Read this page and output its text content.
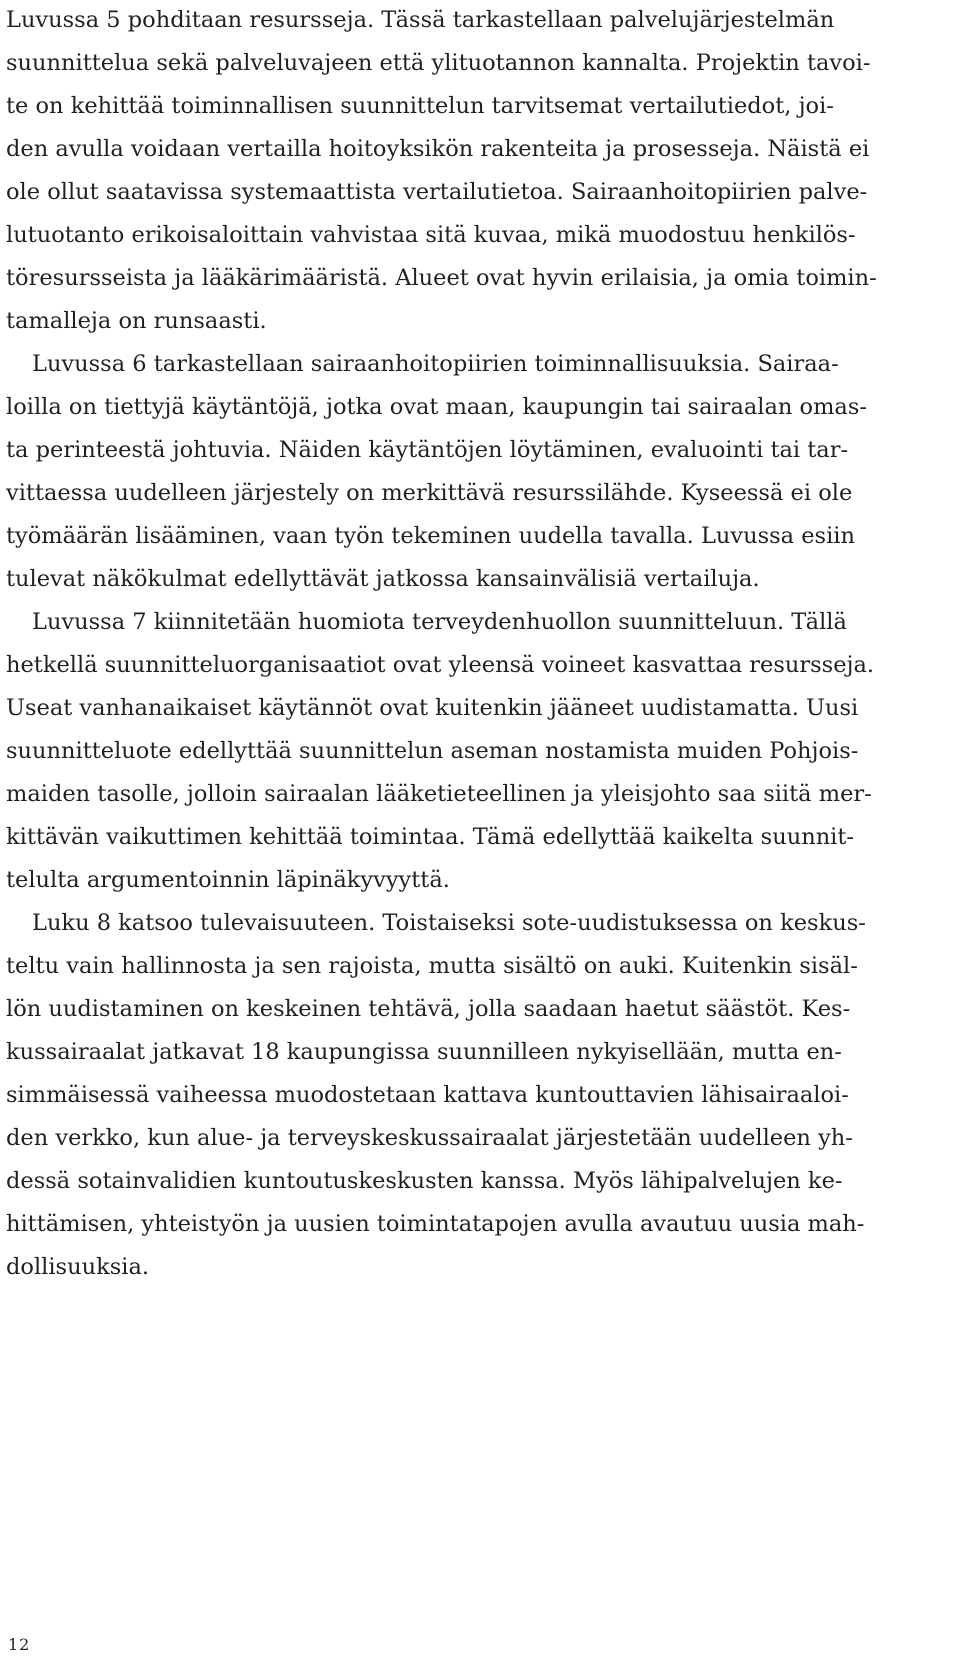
Luvussa 5 pohditaan resursseja. Tässä tarkastellaan palvelujärjestelmän
suunnittelua sekä palveluvajeen että ylituotannon kannalta. Projektin tavoi-
te on kehittää toiminnallisen suunnittelun tarvitsemat vertailutiedot, joi-
den avulla voidaan vertailla hoitoyksikön rakenteita ja prosesseja. Näistä ei
ole ollut saatavissa systemaattista vertailutietoa. Sairaanhoitopiirien palve-
lutuotanto erikoisaloittain vahvistaa sitä kuvaa, mikä muodostuu henkilös-
töresursseista ja lääkärimääristä. Alueet ovat hyvin erilaisia, ja omia toimin-
tamalleja on runsaasti.
Luvussa 6 tarkastellaan sairaanhoitopiirien toiminnallisuuksia. Sairaa-
loilla on tiettyjä käytäntöjä, jotka ovat maan, kaupungin tai sairaalan omas-
ta perinteestä johtuvia. Näiden käytäntöjen löytäminen, evaluointi tai tar-
vittaessa uudelleen järjestely on merkittävä resurssilähde. Kyseessä ei ole
työmäärän lisääminen, vaan työn tekeminen uudella tavalla. Luvussa esiin
tulevat näkökulmat edellyttävät jatkossa kansainvälisiä vertailuja.
Luvussa 7 kiinnitetään huomiota terveydenhuollon suunnitteluun. Tällä
hetkellä suunnitteluorganisaatiot ovat yleensä voineet kasvattaa resursseja.
Useat vanhanaikaiset käytännöt ovat kuitenkin jääneet uudistamatta. Uusi
suunnitteluote edellyttää suunnittelun aseman nostamista muiden Pohjois-
maiden tasolle, jolloin sairaalan lääketieteellinen ja yleisjohto saa siitä mer-
kittävän vaikuttimen kehittää toimintaa. Tämä edellyttää kaikelta suunnit-
telulta argumentoinnin läpinäkyvyyttä.
Luku 8 katsoo tulevaisuuteen. Toistaiseksi sote-uudistuksessa on keskus-
teltu vain hallinnosta ja sen rajoista, mutta sisältö on auki. Kuitenkin sisäl-
lön uudistaminen on keskeinen tehtävä, jolla saadaan haetut säästöt. Kes-
kussairaalat jatkavat 18 kaupungissa suunnilleen nykyisellään, mutta en-
simmäisessä vaiheessa muodostetaan kattava kuntouttavien lähisairaaloi-
den verkko, kun alue- ja terveyskeskussairaalat järjestetään uudelleen yh-
dessä sotainvalidien kuntoutuskeskusten kanssa. Myös lähipalvelujen ke-
hittämisen, yhteistyön ja uusien toimintatapojen avulla avautuu uusia mah-
dollisuuksia.
12
